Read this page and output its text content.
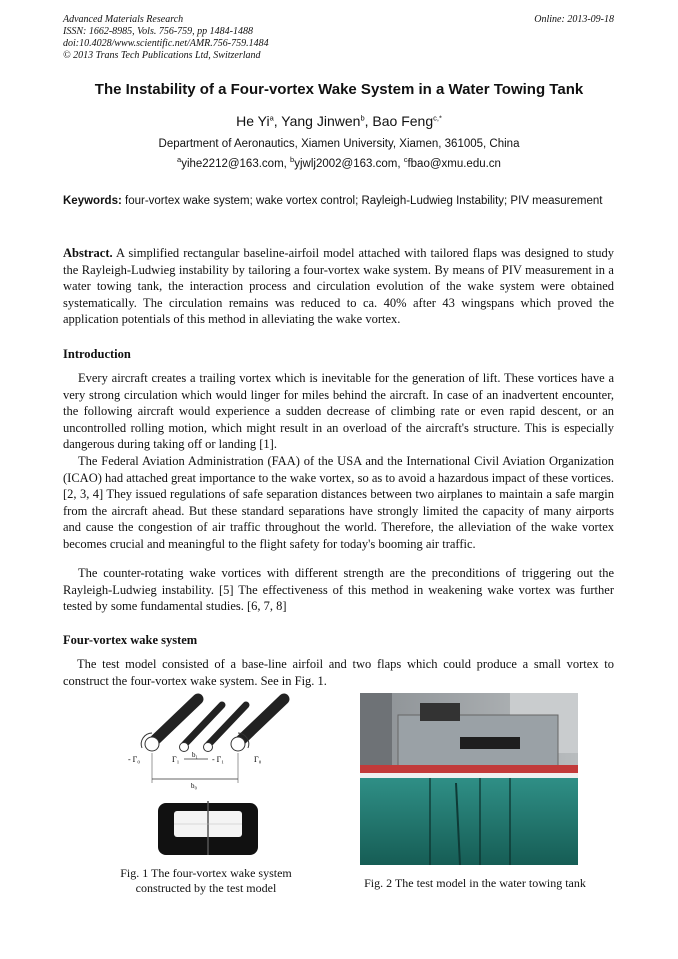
Advanced Materials Research
ISSN: 1662-8985, Vols. 756-759, pp 1484-1488
doi:10.4028/www.scientific.net/AMR.756-759.1484
© 2013 Trans Tech Publications Ltd, Switzerland
Online: 2013-09-18
The Instability of a Four-vortex Wake System in a Water Towing Tank
He Yi$^a$, Yang Jinwen$^b$, Bao Feng$^{c,*}$
Department of Aeronautics, Xiamen University, Xiamen, 361005, China
$^a$yihe2212@163.com, $^b$yjwlj2002@163.com, $^c$fbao@xmu.edu.cn
Keywords: four-vortex wake system; wake vortex control; Rayleigh-Ludwieg Instability; PIV measurement
Abstract. A simplified rectangular baseline-airfoil model attached with tailored flaps was designed to study the Rayleigh-Ludwieg instability by tailoring a four-vortex wake system. By means of PIV measurement in a water towing tank, the interaction process and circulation evolution of the wake system were obtained systematically. The circulation remains was reduced to ca. 40% after 43 wingspans which proved the application potentials of this method in alleviating the wake vortex.
Introduction

Every aircraft creates a trailing vortex which is inevitable for the generation of lift. These vortices have a very strong circulation which would linger for miles behind the aircraft. In case of an inadvertent encounter, the following aircraft would experience a sudden decrease of climbing rate or even rapid descent, or an uncontrolled rolling motion, which might result in an overload of the aircraft's structure. This is especially dangerous during taking off or landing [1].

The Federal Aviation Administration (FAA) of the USA and the International Civil Aviation Organization (ICAO) had attached great importance to the wake vortex, so as to avoid a hazardous impact of these vortices. [2, 3, 4] They issued regulations of safe separation distances between two airplanes to maintain a safe margin from the aircraft ahead. But these standard separations have strongly limited the capacity of many airports and cause the congestion of air traffic throughout the world. Therefore, the alleviation of the wake vortex becomes crucial and meaningful to the flight safety for today's booming air traffic.

The counter-rotating wake vortices with different strength are the preconditions of triggering out the Rayleigh-Ludwieg instability. [5] The effectiveness of this method in weakening wake vortex was further tested by some fundamental studies. [6, 7, 8]

Four-vortex wake system

The test model consisted of a base-line airfoil and two flaps which could produce a small vortex to construct the four-vortex wake system. See in Fig. 1.

- Γ₀	Γ₁ b₁ - Γ₁	Γ₀
b₀
Fig. 1 The four-vortex wake system
constructed by the test model	Fig. 2 The test model in the water towing tank
